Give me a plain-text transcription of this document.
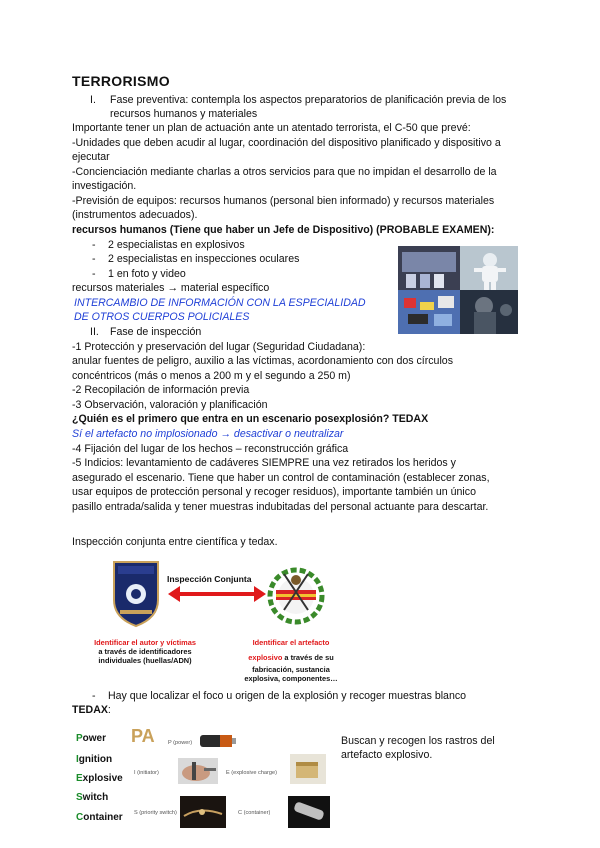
TERRORISMO
I. Fase preventiva: contempla los aspectos preparatorios de planificación previa de los
recursos humanos y materiales
Importante tener un plan de actuación ante un atentado terrorista, el C-50 que prevé:
-Unidades que deben acudir al lugar, coordinación del dispositivo planificado y dispositivo a
ejecutar
-Concienciación mediante charlas a otros servicios para que no impidan el desarrollo de la
investigación.
-Previsión de equipos: recursos humanos (personal bien informado) y recursos materiales
(instrumentos adecuados).
recursos humanos (Tiene que haber un Jefe de Dispositivo) (PROBABLE EXAMEN):
- 2 especialistas en explosivos
- 2 especialistas en inspecciones oculares
- 1 en foto y video
recursos materiales → material específico
INTERCAMBIO DE INFORMACIÓN CON LA ESPECIALIDAD
DE OTROS CUERPOS POLICIALES
II. Fase de inspección
-1 Protección y preservación del lugar (Seguridad Ciudadana):
anular fuentes de peligro, auxilio a las víctimas, acordonamiento con dos círculos
concéntricos (más o menos a 200 m y el segundo a 250 m)
-2 Recopilación de información previa
-3 Observación, valoración y planificación
¿Quién es el primero que entra en un escenario posexplosión? TEDAX
Sí el artefacto no implosionado → desactivar o neutralizar
-4 Fijación del lugar de los hechos – reconstrucción gráfica
-5 Indicios: levantamiento de cadáveres SIEMPRE una vez retirados los heridos y
asegurado el escenario. Tiene que haber un control de contaminación (establecer zonas,
usar equipos de protección personal y recoger residuos), importante también un único
pasillo entrada/salida y tener muestras indubitadas del personal actuante para descartar.
Inspección conjunta entre científica y tedax.
Inspección Conjunta
Identificar el autor y víctimas
a través de identificadores
individuales (huellas/ADN)
Identificar el artefacto
explosivo a través de su
fabricación, sustancia
explosiva, componentes…
- Hay que localizar el foco u origen de la explosión y recoger muestras blanco
TEDAX:
Buscan y recogen los rastros del
artefacto explosivo.
PA
Power
Ignition
Explosive
Switch
Container
P (power)
I (initiator)	E (explosive charge)
S (priority switch)	C (container)
